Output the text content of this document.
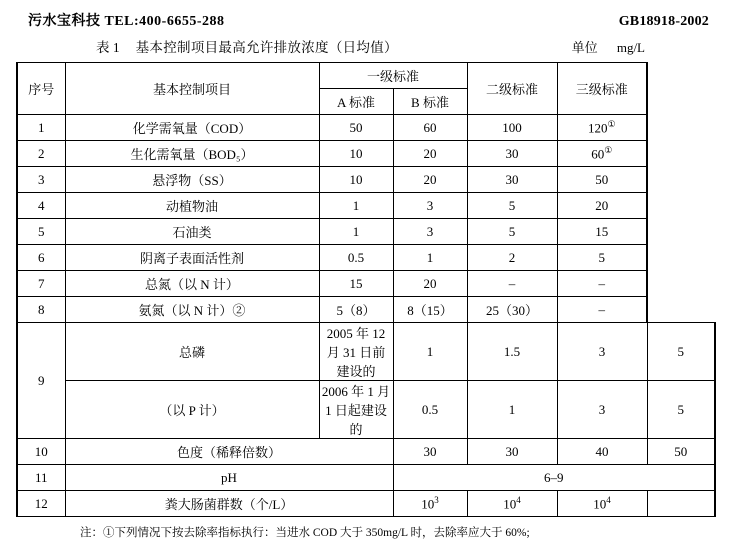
污水宝科技 TEL:400-6655-288	GB18918-2002
表 1 基本控制项目最高允许排放浓度（日均值）	单位 mg/L
序号	基本控制项目	一级标准		二级标准	三级标准	
		A 标准	B 标准			
1	化学需氧量（COD）	50	60	100	120①
2	生化需氧量（BOD₅）	10	20	30	60①
3	悬浮物（SS）	10	20	30	50	
4	动植物油	1	3	5	20	
5	石油类	1	3	5	15	
6	阴离子表面活性剂	0.5	1	2	5	
7	总氮（以 N 计）	15	20	–	–	
8	氨氮（以 N 计）②	5（8）	8（15）	25（30）	–	
9	总磷	2005 年 12 月 31 日前建设的	1	1.5	3	5
	（以 P 计）	2006 年 1 月 1 日起建设的	0.5	1	3	5
10	色度（稀释倍数）		30	30	40	50
11	pH		6–9			
12	粪大肠菌群数（个/L）		$10^3$	$10^4$	$10^4$	
注：①下列情况下按去除率指标执行：当进水 COD 大于 350mg/L 时，去除率应大于 60%;
